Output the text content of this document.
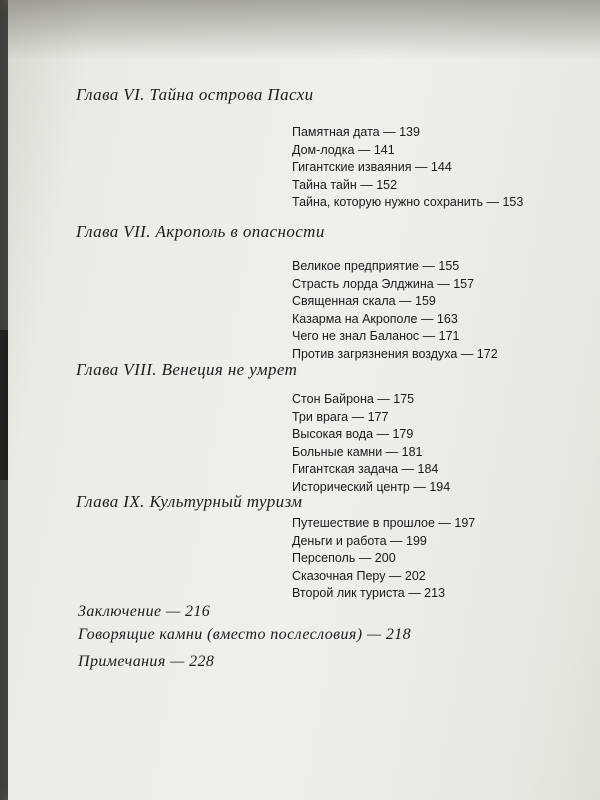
Глава VI. Тайна острова Пасхи
Памятная дата — 139
Дом-лодка — 141
Гигантские изваяния — 144
Тайна тайн — 152
Тайна, которую нужно сохранить — 153
Глава VII. Акрополь в опасности
Великое предприятие — 155
Страсть лорда Элджина — 157
Священная скала — 159
Казарма на Акрополе — 163
Чего не знал Баланос — 171
Против загрязнения воздуха — 172
Глава VIII. Венеция не умрет
Стон Байрона — 175
Три врага — 177
Высокая вода — 179
Больные камни — 181
Гигантская задача — 184
Исторический центр — 194
Глава IX. Культурный туризм
Путешествие в прошлое — 197
Деньги и работа — 199
Персеполь — 200
Сказочная Перу — 202
Второй лик туриста — 213
Заключение — 216
Говорящие камни (вместо послесловия) — 218
Примечания — 228
